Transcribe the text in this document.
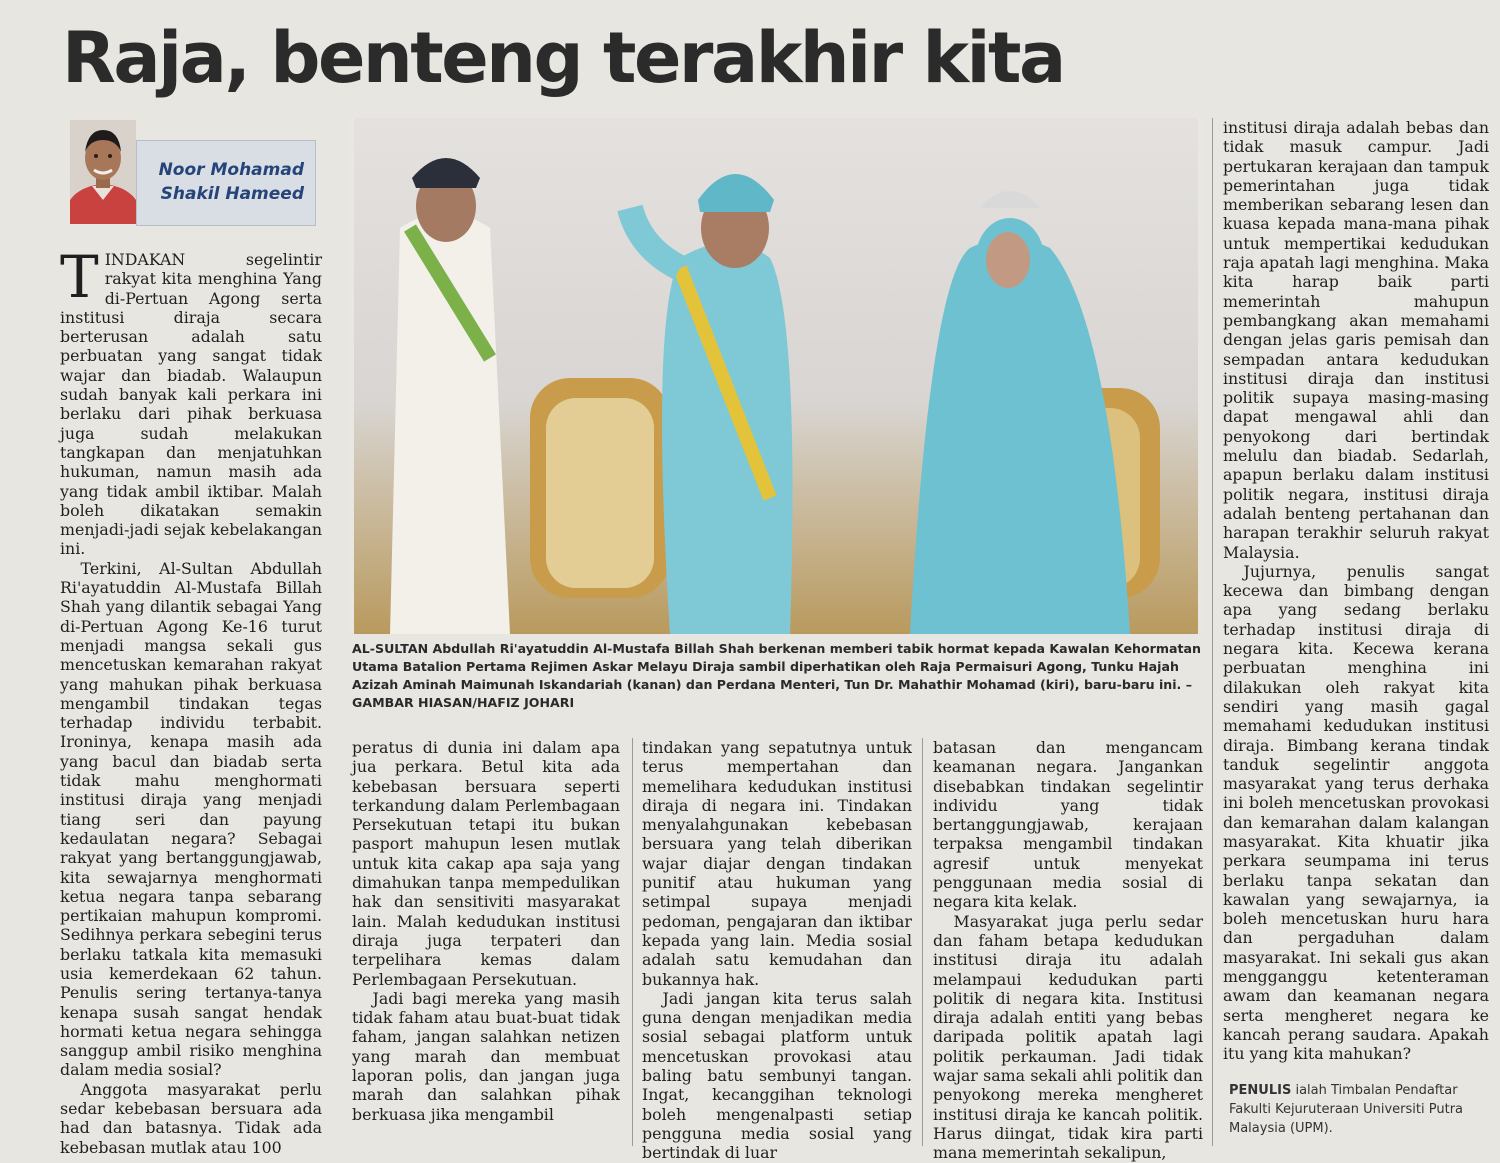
Raja, benteng terakhir kita
Noor Mohamad
Shakil Hameed

TINDAKAN segelintir rakyat kita menghina Yang di-Pertuan Agong serta institusi diraja secara berterusan adalah satu perbuatan yang sangat tidak wajar dan biadab. Walaupun sudah banyak kali perkara ini berlaku dari pihak berkuasa juga sudah melakukan tangkapan dan menjatuhkan hukuman, namun masih ada yang tidak ambil iktibar. Malah boleh dikatakan semakin menjadi-jadi sejak kebelakangan ini.

Terkini, Al-Sultan Abdullah Ri'ayatuddin Al-Mustafa Billah Shah yang dilantik sebagai Yang di-Pertuan Agong Ke-16 turut menjadi mangsa sekali gus mencetuskan kemarahan rakyat yang mahukan pihak berkuasa mengambil tindakan tegas terhadap individu terbabit. Ironinya, kenapa masih ada yang bacul dan biadab serta tidak mahu menghormati institusi diraja yang menjadi tiang seri dan payung kedaulatan negara? Sebagai rakyat yang bertanggungjawab, kita sewajarnya menghormati ketua negara tanpa sebarang pertikaian mahupun kompromi. Sedihnya perkara sebegini terus berlaku tatkala kita memasuki usia kemerdekaan 62 tahun. Penulis sering tertanya-tanya kenapa susah sangat hendak hormati ketua negara sehingga sanggup ambil risiko menghina dalam media sosial?

Anggota masyarakat perlu sedar kebebasan bersuara ada had dan batasnya. Tidak ada kebebasan mutlak atau 100

AL-SULTAN Abdullah Ri'ayatuddin Al-Mustafa Billah Shah berkenan memberi tabik hormat kepada Kawalan Kehormatan Utama Batalion Pertama Rejimen Askar Melayu Diraja sambil diperhatikan oleh Raja Permaisuri Agong, Tunku Hajah Azizah Aminah Maimunah Iskandariah (kanan) dan Perdana Menteri, Tun Dr. Mahathir Mohamad (kiri), baru-baru ini. – GAMBAR HIASAN/HAFIZ JOHARI

peratus di dunia ini dalam apa jua perkara. Betul kita ada kebebasan bersuara seperti terkandung dalam Perlembagaan Persekutuan tetapi itu bukan pasport mahupun lesen mutlak untuk kita cakap apa saja yang dimahukan tanpa mempedulikan hak dan sensitiviti masyarakat lain. Malah kedudukan institusi diraja juga terpateri dan terpelihara kemas dalam Perlembagaan Persekutuan.

Jadi bagi mereka yang masih tidak faham atau buat-buat tidak faham, jangan salahkan netizen yang marah dan membuat laporan polis, dan jangan juga marah dan salahkan pihak berkuasa jika mengambil

tindakan yang sepatutnya untuk terus mempertahan dan memelihara kedudukan institusi diraja di negara ini. Tindakan menyalahgunakan kebebasan bersuara yang telah diberikan wajar diajar dengan tindakan punitif atau hukuman yang setimpal supaya menjadi pedoman, pengajaran dan iktibar kepada yang lain. Media sosial adalah satu kemudahan dan bukannya hak.

Jadi jangan kita terus salah guna dengan menjadikan media sosial sebagai platform untuk mencetuskan provokasi atau baling batu sembunyi tangan. Ingat, kecanggihan teknologi boleh mengenalpasti setiap pengguna media sosial yang bertindak di luar

batasan dan mengancam keamanan negara. Jangankan disebabkan tindakan segelintir individu yang tidak bertanggungjawab, kerajaan terpaksa mengambil tindakan agresif untuk menyekat penggunaan media sosial di negara kita kelak.

Masyarakat juga perlu sedar dan faham betapa kedudukan institusi diraja itu adalah melampaui kedudukan parti politik di negara kita. Institusi diraja adalah entiti yang bebas daripada politik apatah lagi politik perkauman. Jadi tidak wajar sama sekali ahli politik dan penyokong mereka mengheret institusi diraja ke kancah politik. Harus diingat, tidak kira parti mana memerintah sekalipun,

institusi diraja adalah bebas dan tidak masuk campur. Jadi pertukaran kerajaan dan tampuk pemerintahan juga tidak memberikan sebarang lesen dan kuasa kepada mana-mana pihak untuk mempertikai kedudukan raja apatah lagi menghina. Maka kita harap baik parti memerintah mahupun pembangkang akan memahami dengan jelas garis pemisah dan sempadan antara kedudukan institusi diraja dan institusi politik supaya masing-masing dapat mengawal ahli dan penyokong dari bertindak melulu dan biadab. Sedarlah, apapun berlaku dalam institusi politik negara, institusi diraja adalah benteng pertahanan dan harapan terakhir seluruh rakyat Malaysia.

Jujurnya, penulis sangat kecewa dan bimbang dengan apa yang sedang berlaku terhadap institusi diraja di negara kita. Kecewa kerana perbuatan menghina ini dilakukan oleh rakyat kita sendiri yang masih gagal memahami kedudukan institusi diraja. Bimbang kerana tindak tanduk segelintir anggota masyarakat yang terus derhaka ini boleh mencetuskan provokasi dan kemarahan dalam kalangan masyarakat. Kita khuatir jika perkara seumpama ini terus berlaku tanpa sekatan dan kawalan yang sewajarnya, ia boleh mencetuskan huru hara dan pergaduhan dalam masyarakat. Ini sekali gus akan mengganggu ketenteraman awam dan keamanan negara serta mengheret negara ke kancah perang saudara. Apakah itu yang kita mahukan?

PENULIS ialah Timbalan Pendaftar Fakulti Kejuruteraan Universiti Putra Malaysia (UPM).
